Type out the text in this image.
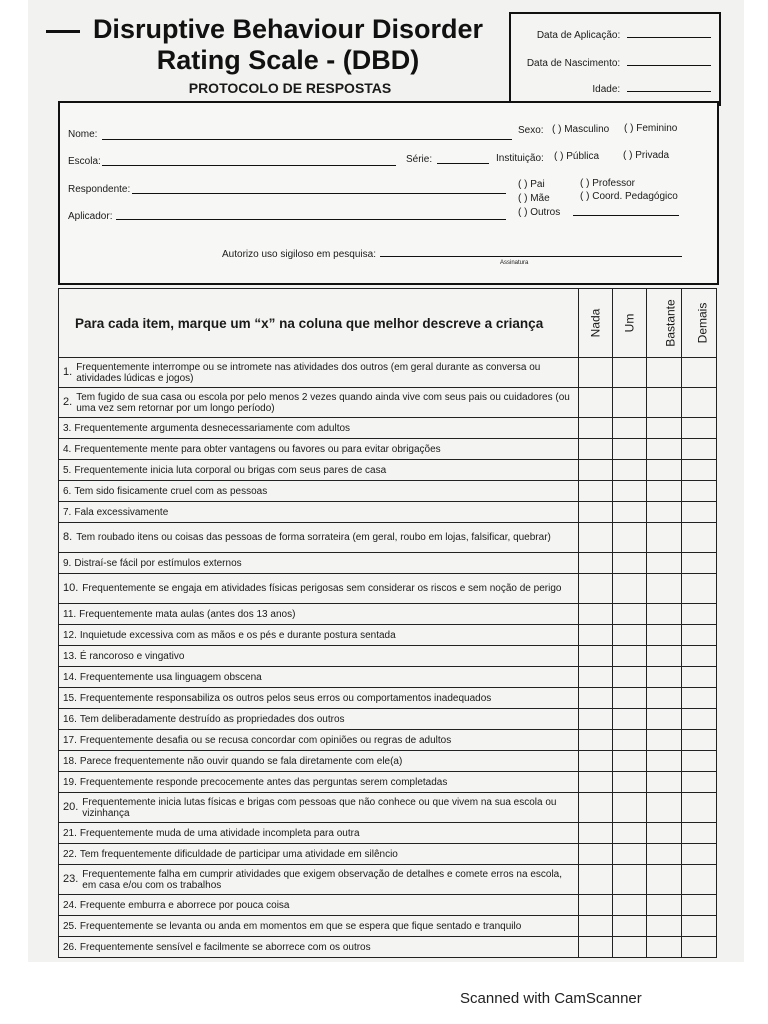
Disruptive Behaviour Disorder
Rating Scale - (DBD)
PROTOCOLO DE RESPOSTAS
Data de Aplicação:
Data de Nascimento:
Idade:
Nome:	Sexo: ( ) Masculino ( ) Feminino
Escola:	Série:	Instituição: ( ) Pública ( ) Privada
Respondente:	( ) Pai
( ) Mãe
( ) Outros
( ) Professor
( ) Coord. Pedagógico
Aplicador:
Autorizo uso sigiloso em pesquisa:
Assinatura
Para cada item, marque um “x” na coluna que melhor descreve a criança	Nada	Um	Bastante	Demais

1. Frequentemente interrompe ou se intromete nas atividades dos outros (em geral durante as conversa ou atividades lúdicas e jogos)				

2. Tem fugido de sua casa ou escola por pelo menos 2 vezes quando ainda vive com seus pais ou cuidadores (ou uma vez sem retornar por um longo período)				

3. Frequentemente argumenta desnecessariamente com adultos				

4. Frequentemente mente para obter vantagens ou favores ou para evitar obrigações				

5. Frequentemente inicia luta corporal ou brigas com seus pares de casa				

6. Tem sido fisicamente cruel com as pessoas				

7. Fala excessivamente				

8. Tem roubado itens ou coisas das pessoas de forma sorrateira (em geral, roubo em lojas, falsificar, quebrar)				

9. Distraí-se fácil por estímulos externos				

10. Frequentemente se engaja em atividades físicas perigosas sem considerar os riscos e sem noção de perigo				

11. Frequentemente mata aulas (antes dos 13 anos)				

12. Inquietude excessiva com as mãos e os pés e durante postura sentada				

13. É rancoroso e vingativo				

14. Frequentemente usa linguagem obscena				

15. Frequentemente responsabiliza os outros pelos seus erros ou comportamentos inadequados				

16. Tem deliberadamente destruído as propriedades dos outros				

17. Frequentemente desafia ou se recusa concordar com opiniões ou regras de adultos				

18. Parece frequentemente não ouvir quando se fala diretamente com ele(a)				

19. Frequentemente responde precocemente antes das perguntas serem completadas				

20. Frequentemente inicia lutas físicas e brigas com pessoas que não conhece ou que vivem na sua escola ou vizinhança				

21. Frequentemente muda de uma atividade incompleta para outra				

22. Tem frequentemente dificuldade de participar uma atividade em silêncio				

23. Frequentemente falha em cumprir atividades que exigem observação de detalhes e comete erros na escola, em casa e/ou com os trabalhos				

24. Frequente emburra e aborrece por pouca coisa				

25. Frequentemente se levanta ou anda em momentos em que se espera que fique sentado e tranquilo				

26. Frequentemente sensível e facilmente se aborrece com os outros				

Scanned with CamScanner
